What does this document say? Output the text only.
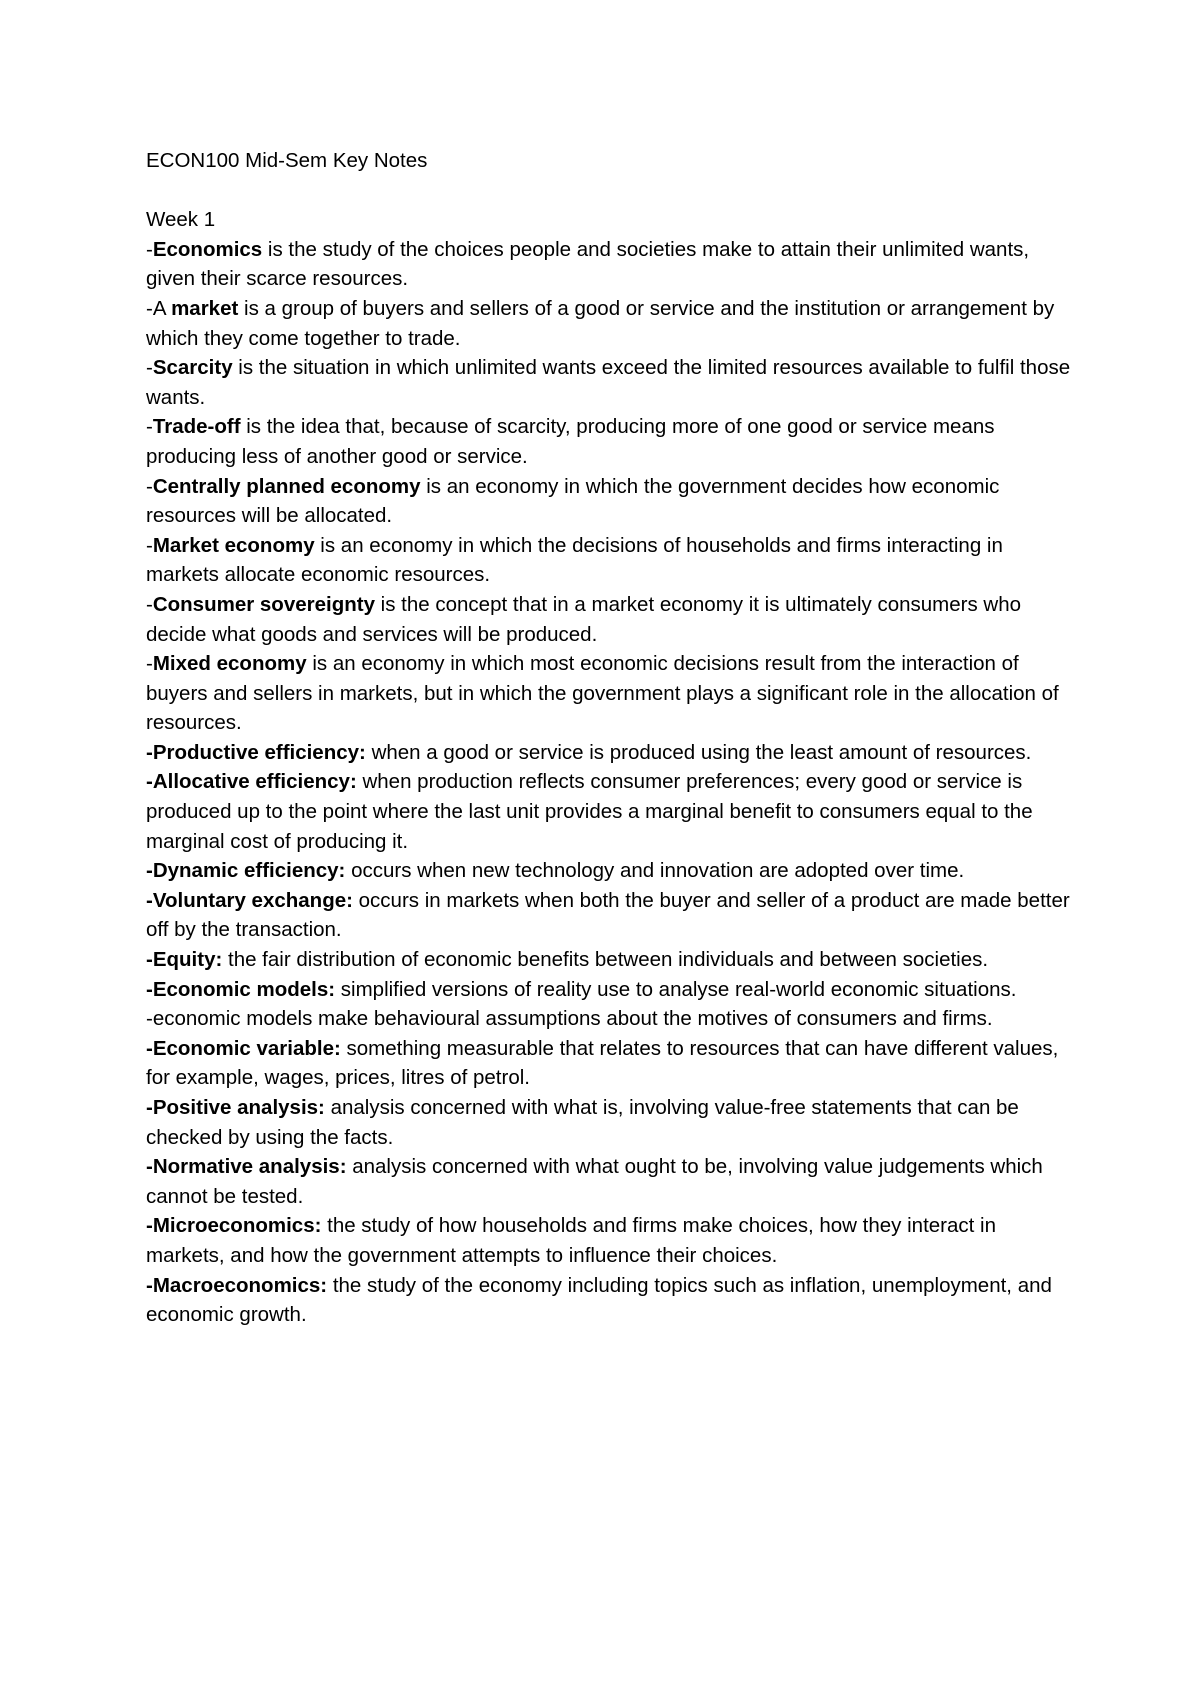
ECON100 Mid-Sem Key Notes
Week 1

-Economics is the study of the choices people and societies make to attain their unlimited wants, given their scarce resources.

-A market is a group of buyers and sellers of a good or service and the institution or arrangement by which they come together to trade.

-Scarcity is the situation in which unlimited wants exceed the limited resources available to fulfil those wants.

-Trade-off is the idea that, because of scarcity, producing more of one good or service means producing less of another good or service.

-Centrally planned economy is an economy in which the government decides how economic resources will be allocated.

-Market economy is an economy in which the decisions of households and firms interacting in markets allocate economic resources.

-Consumer sovereignty is the concept that in a market economy it is ultimately consumers who decide what goods and services will be produced.

-Mixed economy is an economy in which most economic decisions result from the interaction of buyers and sellers in markets, but in which the government plays a significant role in the allocation of resources.

-Productive efficiency: when a good or service is produced using the least amount of resources.

-Allocative efficiency: when production reflects consumer preferences; every good or service is produced up to the point where the last unit provides a marginal benefit to consumers equal to the marginal cost of producing it.

-Dynamic efficiency: occurs when new technology and innovation are adopted over time.

-Voluntary exchange: occurs in markets when both the buyer and seller of a product are made better off by the transaction.

-Equity: the fair distribution of economic benefits between individuals and between societies.

-Economic models: simplified versions of reality use to analyse real-world economic situations.

-economic models make behavioural assumptions about the motives of consumers and firms.

-Economic variable: something measurable that relates to resources that can have different values, for example, wages, prices, litres of petrol.

-Positive analysis: analysis concerned with what is, involving value-free statements that can be checked by using the facts.

-Normative analysis: analysis concerned with what ought to be, involving value judgements which cannot be tested.

-Microeconomics: the study of how households and firms make choices, how they interact in markets, and how the government attempts to influence their choices.

-Macroeconomics: the study of the economy including topics such as inflation, unemployment, and economic growth.
